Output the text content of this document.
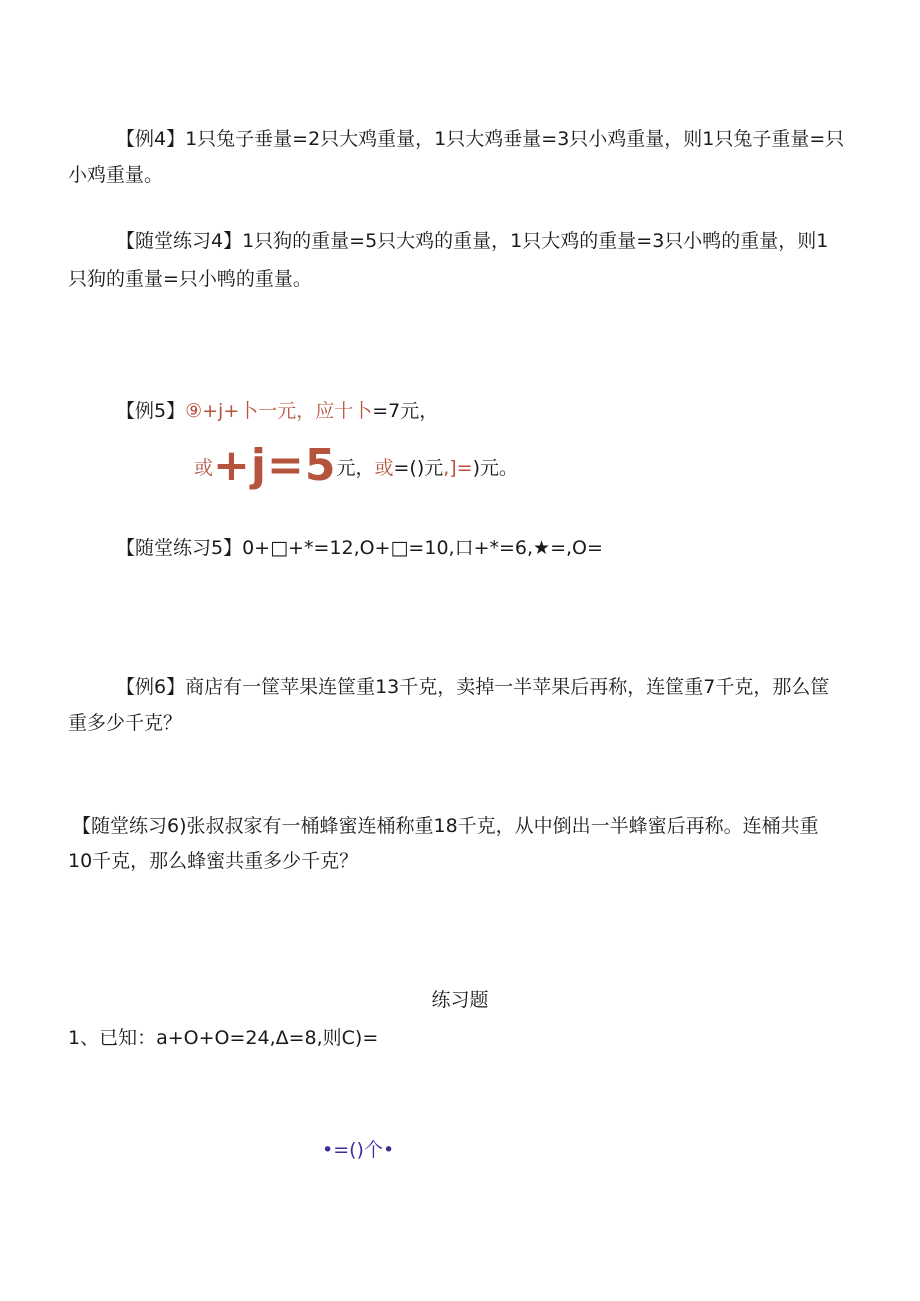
【例4】1只兔子垂量=2只大鸡重量，1只大鸡垂量=3只小鸡重量，则1只兔子重量=只
小鸡重量。
【随堂练习4】1只狗的重量=5只大鸡的重量，1只大鸡的重量=3只小鸭的重量，则1
只狗的重量=只小鸭的重量。
【例5】⑨+j+卜一元，应十卜=7元，
或+j=5元，或=()元,]=)元。
【随堂练习5】0+□+*=12,O+□=10,口+*=6,★=,O=
【例6】商店有一筐苹果连筐重13千克，卖掉一半苹果后再称，连筐重7千克，那么筐
重多少千克？
【随堂练习6)张叔叔家有一桶蜂蜜连桶称重18千克，从中倒出一半蜂蜜后再称。连桶共重
10千克，那么蜂蜜共重多少千克？
练习题
1、已知：a+O+O=24,Δ=8,则C)=
•=()个•
